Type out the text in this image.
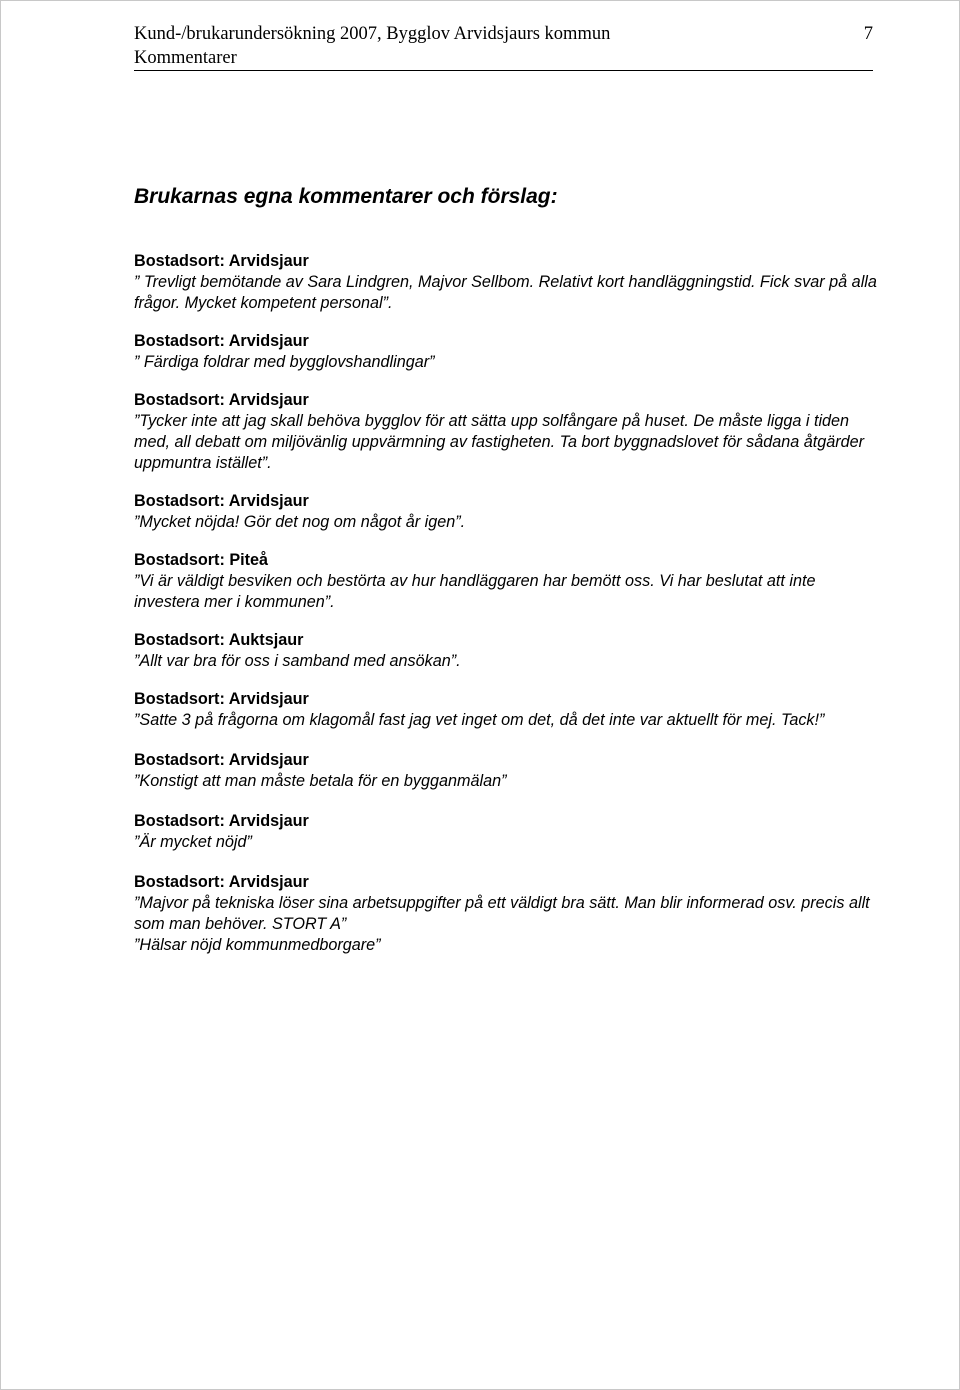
Kund-/brukarundersökning 2007, Bygglov Arvidsjaurs kommun	7
Kommentarer
Brukarnas egna kommentarer och förslag:
Bostadsort: Arvidsjaur
” Trevligt bemötande av Sara Lindgren, Majvor Sellbom. Relativt kort handläggningstid. Fick svar på alla frågor. Mycket kompetent personal”.
Bostadsort: Arvidsjaur
” Färdiga foldrar med bygglovshandlingar”
Bostadsort: Arvidsjaur
”Tycker inte att jag skall behöva bygglov för att sätta upp solfångare på huset. De måste ligga i tiden med, all debatt om miljövänlig uppvärmning av fastigheten. Ta bort byggnadslovet för sådana åtgärder uppmuntra istället”.
Bostadsort: Arvidsjaur
”Mycket nöjda! Gör det nog om något år igen”.
Bostadsort: Piteå
”Vi är väldigt besviken och bestörta av hur handläggaren har bemött oss. Vi har beslutat att inte investera mer i kommunen”.
Bostadsort: Auktsjaur
”Allt var bra för oss i samband med ansökan”.
Bostadsort: Arvidsjaur
”Satte 3 på frågorna om klagomål fast jag vet inget om det, då det inte var aktuellt för mej. Tack!”
Bostadsort: Arvidsjaur
”Konstigt att man måste betala för en bygganmälan”
Bostadsort: Arvidsjaur
”Är mycket nöjd”
Bostadsort: Arvidsjaur
”Majvor på tekniska löser sina arbetsuppgifter på ett väldigt bra sätt. Man blir informerad osv. precis allt som man behöver. STORT A”
”Hälsar nöjd kommunmedborgare”
